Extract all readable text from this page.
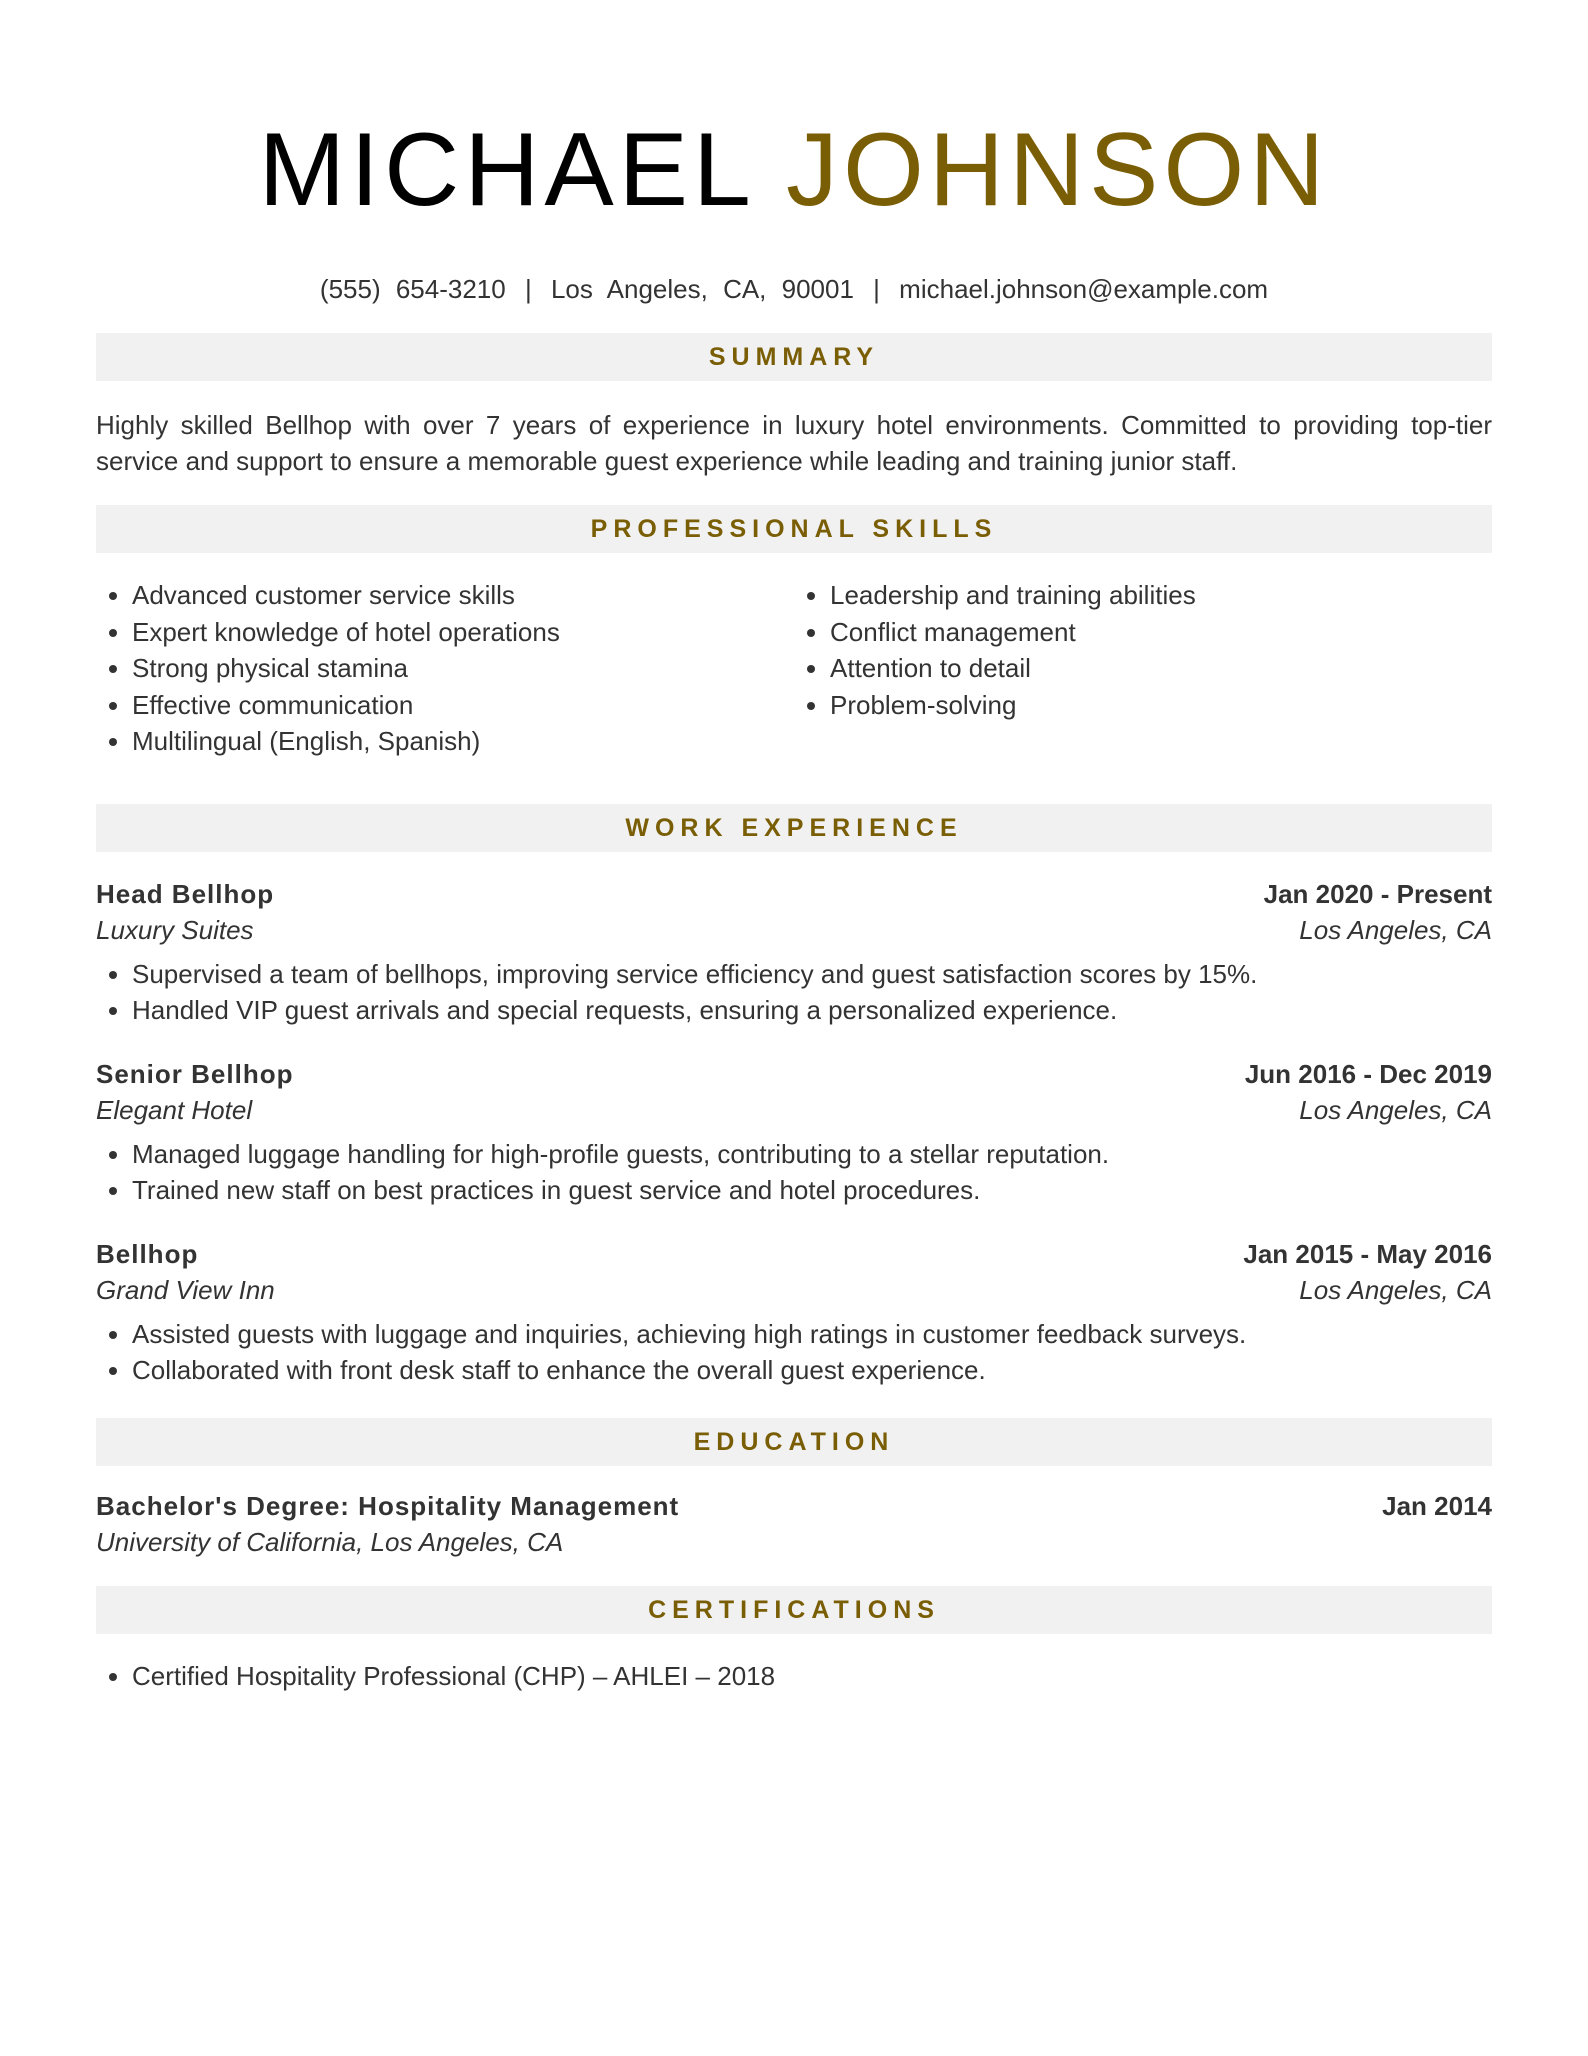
MICHAEL JOHNSON
(555) 654-3210 | Los Angeles, CA, 90001 | michael.johnson@example.com
SUMMARY
Highly skilled Bellhop with over 7 years of experience in luxury hotel environments. Committed to providing top-tier service and support to ensure a memorable guest experience while leading and training junior staff.
PROFESSIONAL SKILLS
• Advanced customer service skills
• Expert knowledge of hotel operations
• Strong physical stamina
• Effective communication
• Multilingual (English, Spanish)
• Leadership and training abilities
• Conflict management
• Attention to detail
• Problem-solving
WORK EXPERIENCE
Head Bellhop	Jan 2020 - Present
Luxury Suites	Los Angeles, CA
• Supervised a team of bellhops, improving service efficiency and guest satisfaction scores by 15%.
• Handled VIP guest arrivals and special requests, ensuring a personalized experience.
Senior Bellhop	Jun 2016 - Dec 2019
Elegant Hotel	Los Angeles, CA
• Managed luggage handling for high-profile guests, contributing to a stellar reputation.
• Trained new staff on best practices in guest service and hotel procedures.
Bellhop	Jan 2015 - May 2016
Grand View Inn	Los Angeles, CA
• Assisted guests with luggage and inquiries, achieving high ratings in customer feedback surveys.
• Collaborated with front desk staff to enhance the overall guest experience.
EDUCATION
Bachelor's Degree: Hospitality Management	Jan 2014
University of California, Los Angeles, CA
CERTIFICATIONS
• Certified Hospitality Professional (CHP) – AHLEI – 2018
